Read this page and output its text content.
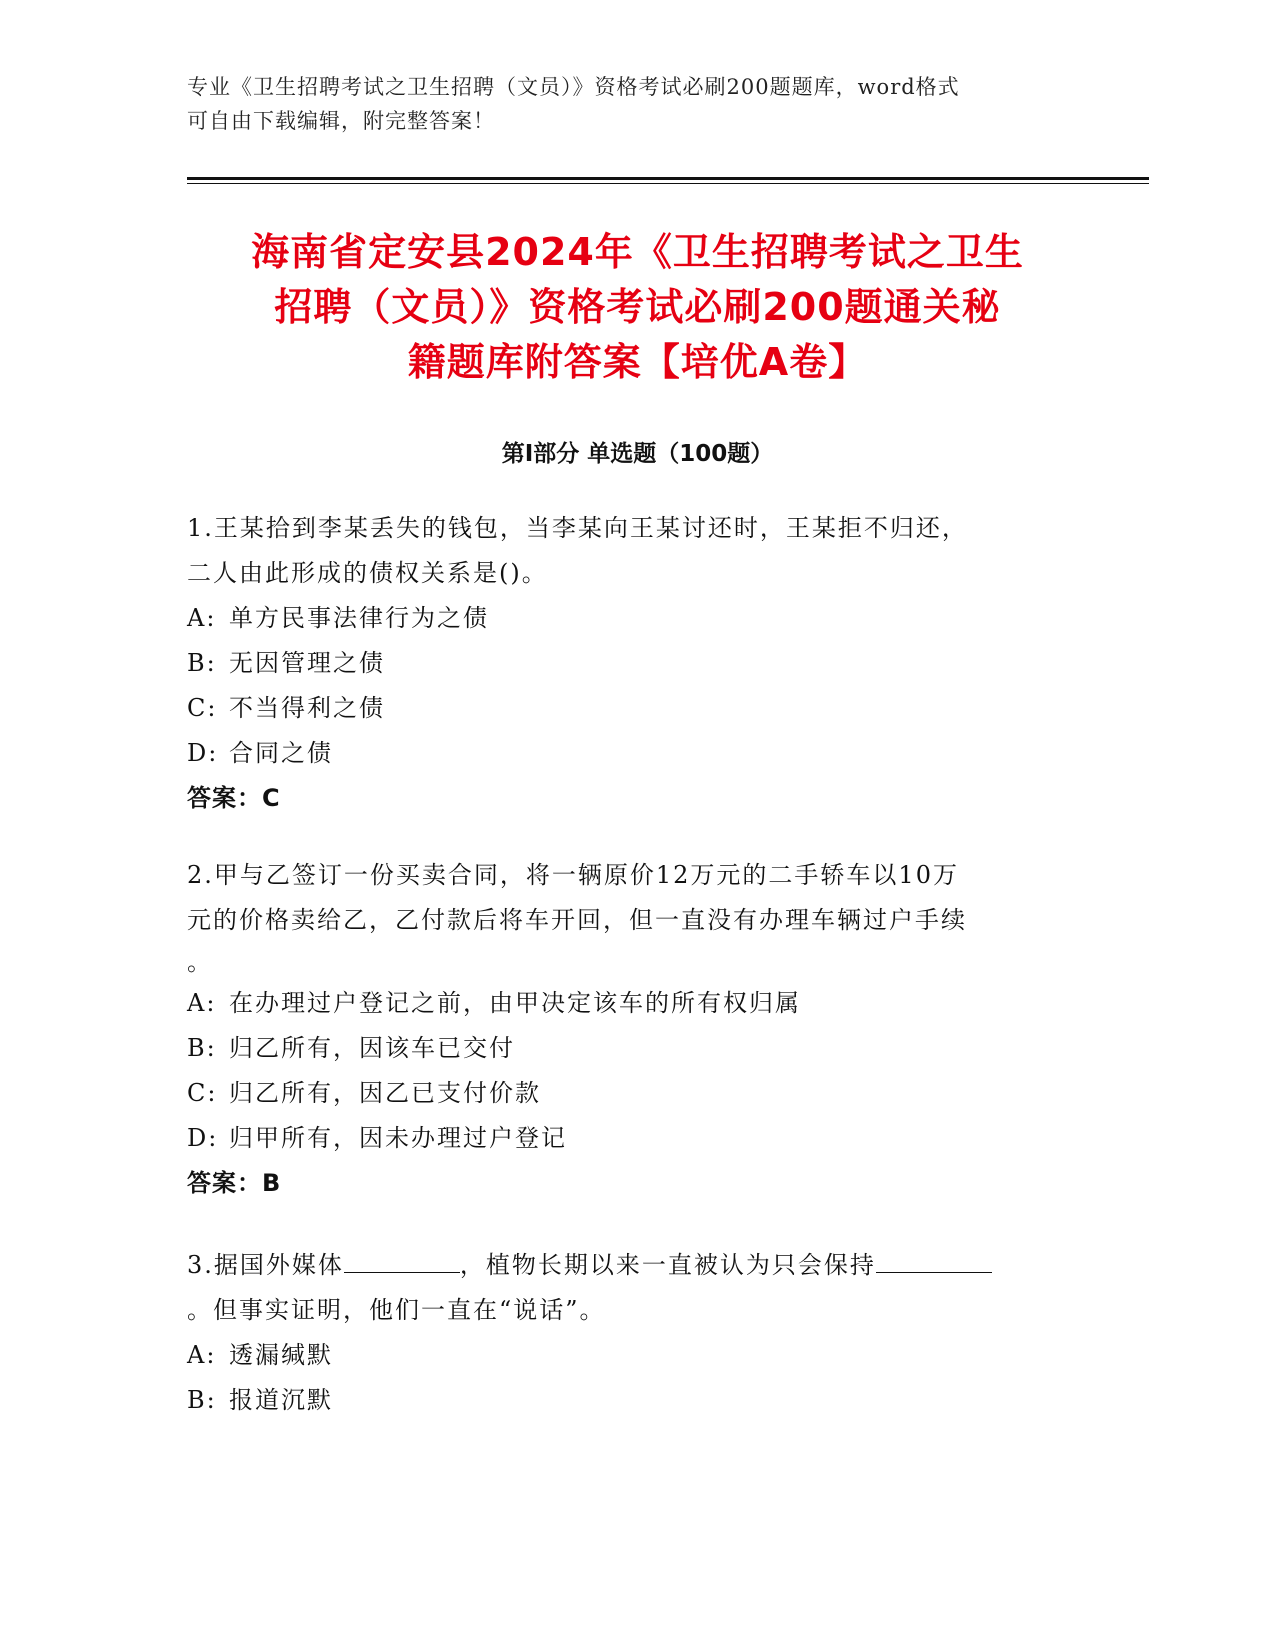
专业《卫生招聘考试之卫生招聘（文员）》资格考试必刷200题题库，word格式
可自由下载编辑，附完整答案！
海南省定安县2024年《卫生招聘考试之卫生
招聘（文员）》资格考试必刷200题通关秘
籍题库附答案【培优A卷】
第Ⅰ部分 单选题（100题）
1.王某拾到李某丢失的钱包，当李某向王某讨还时，王某拒不归还，
二人由此形成的债权关系是()。
A: 单方民事法律行为之债
B: 无因管理之债
C: 不当得利之债
D: 合同之债
答案：C
2.甲与乙签订一份买卖合同，将一辆原价12万元的二手轿车以10万
元的价格卖给乙，乙付款后将车开回，但一直没有办理车辆过户手续
。
A: 在办理过户登记之前，由甲决定该车的所有权归属
B: 归乙所有，因该车已交付
C: 归乙所有，因乙已支付价款
D: 归甲所有，因未办理过户登记
答案：B
3.据国外媒体	，植物长期以来一直被认为只会保持
。但事实证明，他们一直在“说话”。
A: 透漏缄默
B: 报道沉默
